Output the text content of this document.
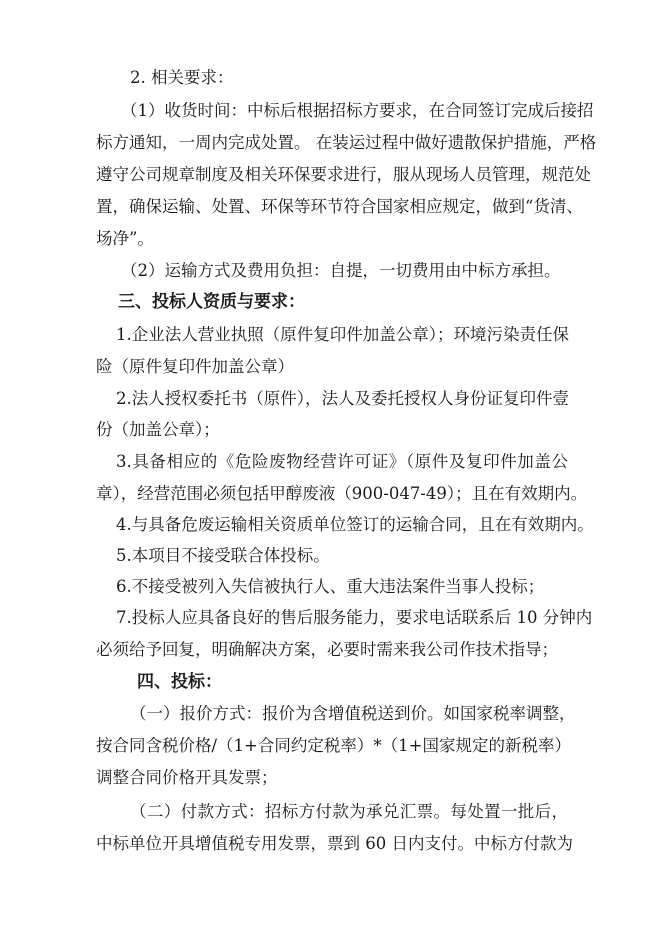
2. 相关要求：
（1）收货时间：中标后根据招标方要求，在合同签订完成后接招
标方通知，一周内完成处置。 在装运过程中做好遗散保护措施，严格
遵守公司规章制度及相关环保要求进行，服从现场人员管理，规范处
置，确保运输、处置、环保等环节符合国家相应规定，做到“货清、
场净”。
（2）运输方式及费用负担：自提，一切费用由中标方承担。
三、投标人资质与要求：
1.企业法人营业执照（原件复印件加盖公章）；环境污染责任保
险（原件复印件加盖公章）
2.法人授权委托书（原件），法人及委托授权人身份证复印件壹
份（加盖公章）；
3.具备相应的《危险废物经营许可证》（原件及复印件加盖公
章），经营范围必须包括甲醇废液（900-047-49）；且在有效期内。
4.与具备危废运输相关资质单位签订的运输合同，且在有效期内。
5.本项目不接受联合体投标。
6.不接受被列入失信被执行人、重大违法案件当事人投标；
7.投标人应具备良好的售后服务能力，要求电话联系后 10 分钟内
必须给予回复，明确解决方案，必要时需来我公司作技术指导；
四、投标：
（一）报价方式：报价为含增值税送到价。如国家税率调整，
按合同含税价格/（1+合同约定税率）*（1+国家规定的新税率）
调整合同价格开具发票；
（二）付款方式：招标方付款为承兑汇票。每处置一批后，
中标单位开具增值税专用发票，票到 60 日内支付。中标方付款为
